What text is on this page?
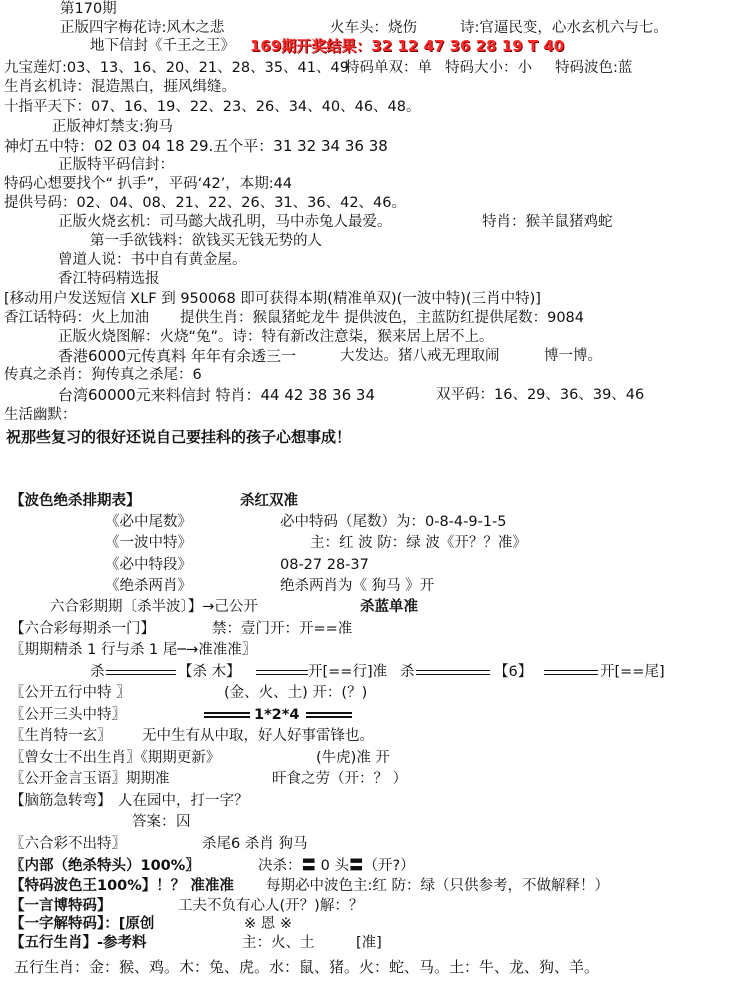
第170期
正版四字梅花诗:风木之悲	火车头：烧伤	诗:官逼民变，心水玄机六与七。
地下信封《千王之王》 169期开奖结果：32 12 47 36 28 19 T 40
九宝莲灯:03、13、16、20、21、28、35、41、49
特码单双：单 特码大小：小 特码波色:蓝
生肖玄机诗：混造黑白，捱风缉缝。
十指平天下：07、16、19、22、23、26、34、40、46、48。
正版神灯禁支:狗马
神灯五中特：02 03 04 18 29.五个平：31 32 34 36 38
正版特平码信封：
特码心想要找个“ 扒手”，平码‘42’，本期:44
提供号码：02、04、08、21、22、26、31、36、42、46。
正版火烧玄机：司马懿大战孔明，马中赤兔人最爱。	特肖：猴羊鼠猪鸡蛇
第一手欲钱料：欲钱买无钱无势的人
曾道人说：书中自有黄金屋。
香江特码精选报
[移动用户发送短信 XLF 到 950068 即可获得本期(精准单双)(一波中特)(三肖中特)]
香江话特码：火上加油 提供生肖：猴鼠猪蛇龙牛 提供波色，主蓝防红提供尾数：9084
正版火烧图解：火烧“兔”。诗：特有新改注意柒，猴来居上居不上。
香港6000元传真料 年年有余透三一	大发达。猪八戒无理取闹	博一博。
传真之杀肖：狗传真之杀尾：6
台湾60000元来料信封 特肖：44 42 38 36 34	双平码：16、29、36、39、46
生活幽默：
祝那些复习的很好还说自己要挂科的孩子心想事成！
【波色绝杀排期表】	杀红双准
《必中尾数》	必中特码（尾数）为：0-8-4-9-1-5
《一波中特》	主：红 波 防：绿 波《开？？准》
《必中特段》	08-27 28-37
《绝杀两肖》	绝杀两肖为《 狗马 》开
六合彩期期〔杀半波〕】→己公开	杀蓝单准
【六合彩每期杀一门】	禁：壹门开：开==准
〖期期精杀 1 行与杀 1 尾─→准准准〗
杀	【杀 木】	开[==行]准 杀	【6】	开[==尾]
〖公开五行中特 〗	(金、火、土) 开：(？)
〖公开三头中特〗	1*2*4
〖生肖特一玄〗 无中生有从中取，好人好事雷锋也。
〖曾女士不出生肖〗《期期更新》	(牛虎)准 开
〖公开金言玉语〗期期准	旰食之劳（开：？ ）
【脑筋急转弯】 人在园中，打一字？
答案： 囚
〖六合彩不出特〗	杀尾6 杀肖 狗马
〖内部（绝杀特头）100%〗	决杀：〓 0 头〓（开?）
【特码波色王100%】！？ 准准准 每期必中波色主:红 防：绿（只供参考，不做解释！）
【一言博特码】	工夫不负有心人(开？)解：？
【一字解特码】：[原创	※ 恩 ※
【五行生肖】-参考料	主：火、土	[准]
五行生肖：金：猴、鸡。木：兔、虎。水：鼠、猪。火：蛇、马。土：牛、龙、狗、羊。
